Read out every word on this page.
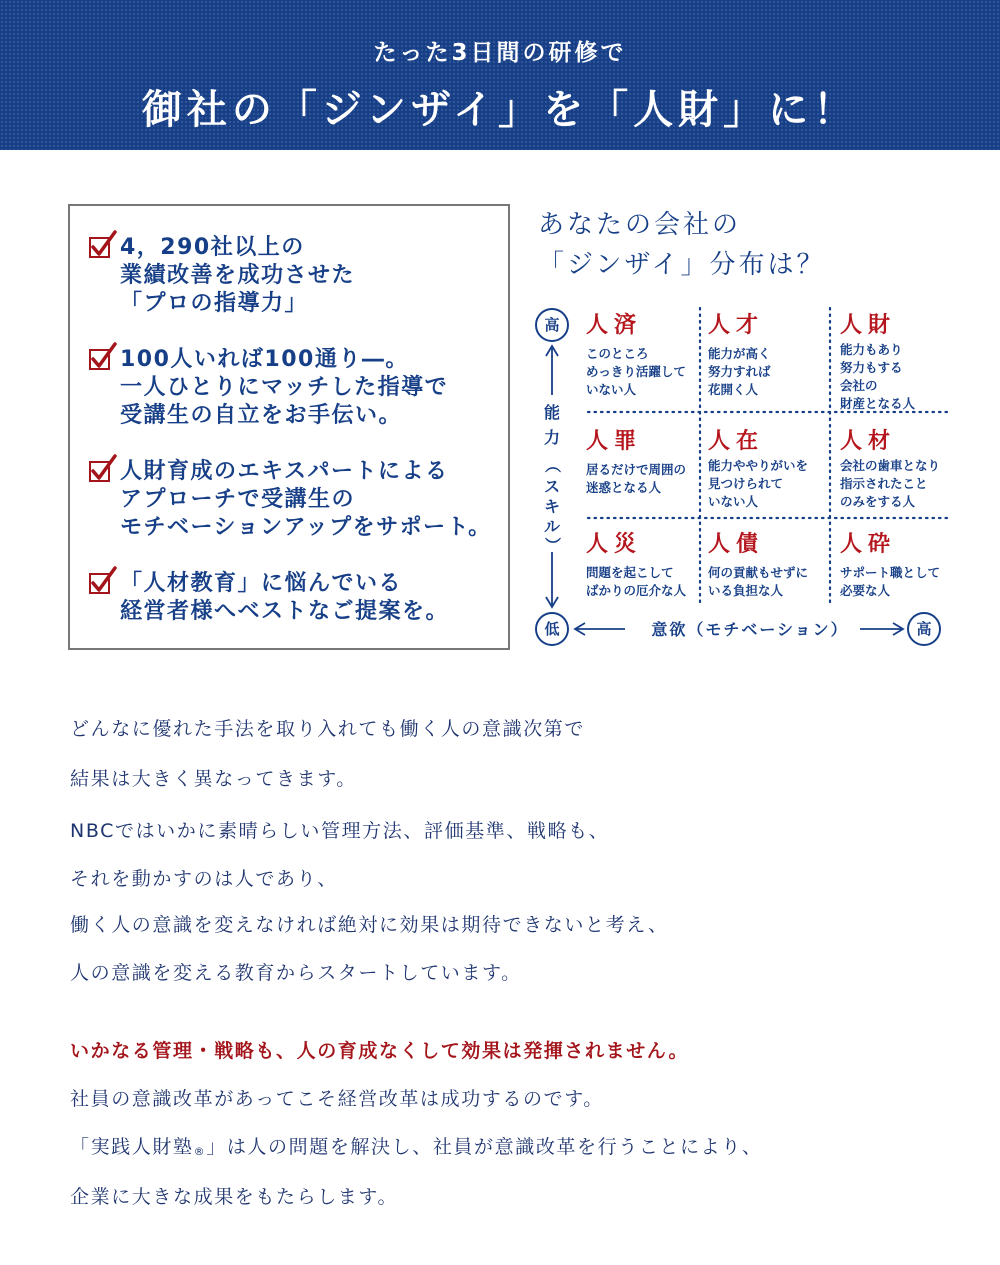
たった3日間の研修で
御社の「ジンザイ」を「人財」に！
4，290社以上の
業績改善を成功させた
「プロの指導力」
100人いれば100通り―。
一人ひとりにマッチした指導で
受講生の自立をお手伝い。
人財育成のエキスパートによる
アプローチで受講生の
モチベーションアップをサポート。
「人材教育」に悩んでいる
経営者様へベストなご提案を。
あなたの会社の
「ジンザイ」分布は？
高
低
能
力
（
ス
キ
ル
）
意欲（モチベーション）	高
人済
このところ
めっきり活躍して
いない人
人才
能力が高く
努力すれば
花開く人
人財
能力もあり
努力もする
会社の
財産となる人
人罪
居るだけで周囲の
迷惑となる人
人在
能力ややりがいを
見つけられて
いない人
人材
会社の歯車となり
指示されたこと
のみをする人
人災
問題を起こして
ばかりの厄介な人
人債
何の貢献もせずに
いる負担な人
人砕
サポート職として
必要な人
どんなに優れた手法を取り入れても働く人の意識次第で
結果は大きく異なってきます。
NBCではいかに素晴らしい管理方法、評価基準、戦略も、
それを動かすのは人であり、
働く人の意識を変えなければ絶対に効果は期待できないと考え、
人の意識を変える教育からスタートしています。
いかなる管理・戦略も、人の育成なくして効果は発揮されません。
社員の意識改革があってこそ経営改革は成功するのです。
「実践人財塾®」は人の問題を解決し、社員が意識改革を行うことにより、
企業に大きな成果をもたらします。
